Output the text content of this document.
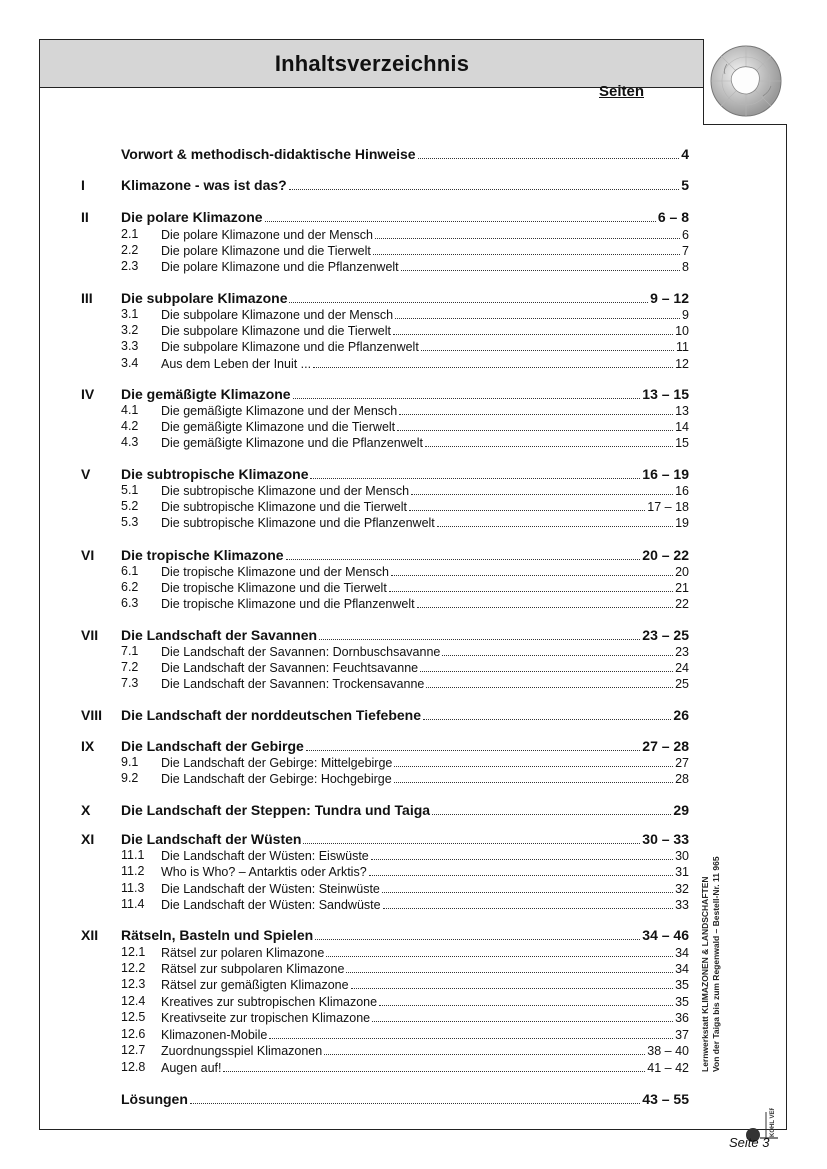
Inhaltsverzeichnis
Seiten
Vorwort & methodisch-didaktische Hinweise	4
I	Klimazone - was ist das?	5
II Die polare Klimazone	6 – 8
2.1	Die polare Klimazone und der Mensch	6
2.2	Die polare Klimazone und die Tierwelt	7
2.3	Die polare Klimazone und die Pflanzenwelt	8
III Die subpolare Klimazone	9 – 12
3.1	Die subpolare Klimazone und der Mensch	9
3.2	Die subpolare Klimazone und die Tierwelt	10
3.3	Die subpolare Klimazone und die Pflanzenwelt	11
3.4	Aus dem Leben der Inuit ...	12
IV Die gemäßigte Klimazone	13 – 15
4.1	Die gemäßigte Klimazone und der Mensch	13
4.2	Die gemäßigte Klimazone und die Tierwelt	14
4.3	Die gemäßigte Klimazone und die Pflanzenwelt	15
V Die subtropische Klimazone	16 – 19
5.1	Die subtropische Klimazone und der Mensch	16
5.2	Die subtropische Klimazone und die Tierwelt	17 – 18
5.3	Die subtropische Klimazone und die Pflanzenwelt	19
VI Die tropische Klimazone	20 – 22
6.1	Die tropische Klimazone und der Mensch	20
6.2	Die tropische Klimazone und die Tierwelt	21
6.3	Die tropische Klimazone und die Pflanzenwelt	22
VII Die Landschaft der Savannen	23 – 25
7.1	Die Landschaft der Savannen: Dornbuschsavanne	23
7.2	Die Landschaft der Savannen: Feuchtsavanne	24
7.3	Die Landschaft der Savannen: Trockensavanne	25
VIII Die Landschaft der norddeutschen Tiefebene	26
IX Die Landschaft der Gebirge	27 – 28
9.1	Die Landschaft der Gebirge: Mittelgebirge	27
9.2	Die Landschaft der Gebirge: Hochgebirge	28
X Die Landschaft der Steppen: Tundra und Taiga	29
XI Die Landschaft der Wüsten	30 – 33
11.1	Die Landschaft der Wüsten: Eiswüste	30
11.2	Who is Who? – Antarktis oder Arktis?	31
11.3	Die Landschaft der Wüsten: Steinwüste	32
11.4	Die Landschaft der Wüsten: Sandwüste	33
XII Rätseln, Basteln und Spielen	34 – 46
12.1	Rätsel zur polaren Klimazone	34
12.2	Rätsel zur subpolaren Klimazone	34
12.3	Rätsel zur gemäßigten Klimazone	35
12.4	Kreatives zur subtropischen Klimazone	35
12.5	Kreativseite zur tropischen Klimazone	36
12.6	Klimazonen-Mobile	37
12.7	Zuordnungsspiel Klimazonen	38 – 40
12.8	Augen auf!	41 – 42
Lösungen	43 – 55
Lernwerkstatt KLIMAZONEN & LANDSCHAFTEN Von der Taiga bis zum Regenwald – Bestell-Nr. 11 965
KOHL VERLAG
Seite 3
